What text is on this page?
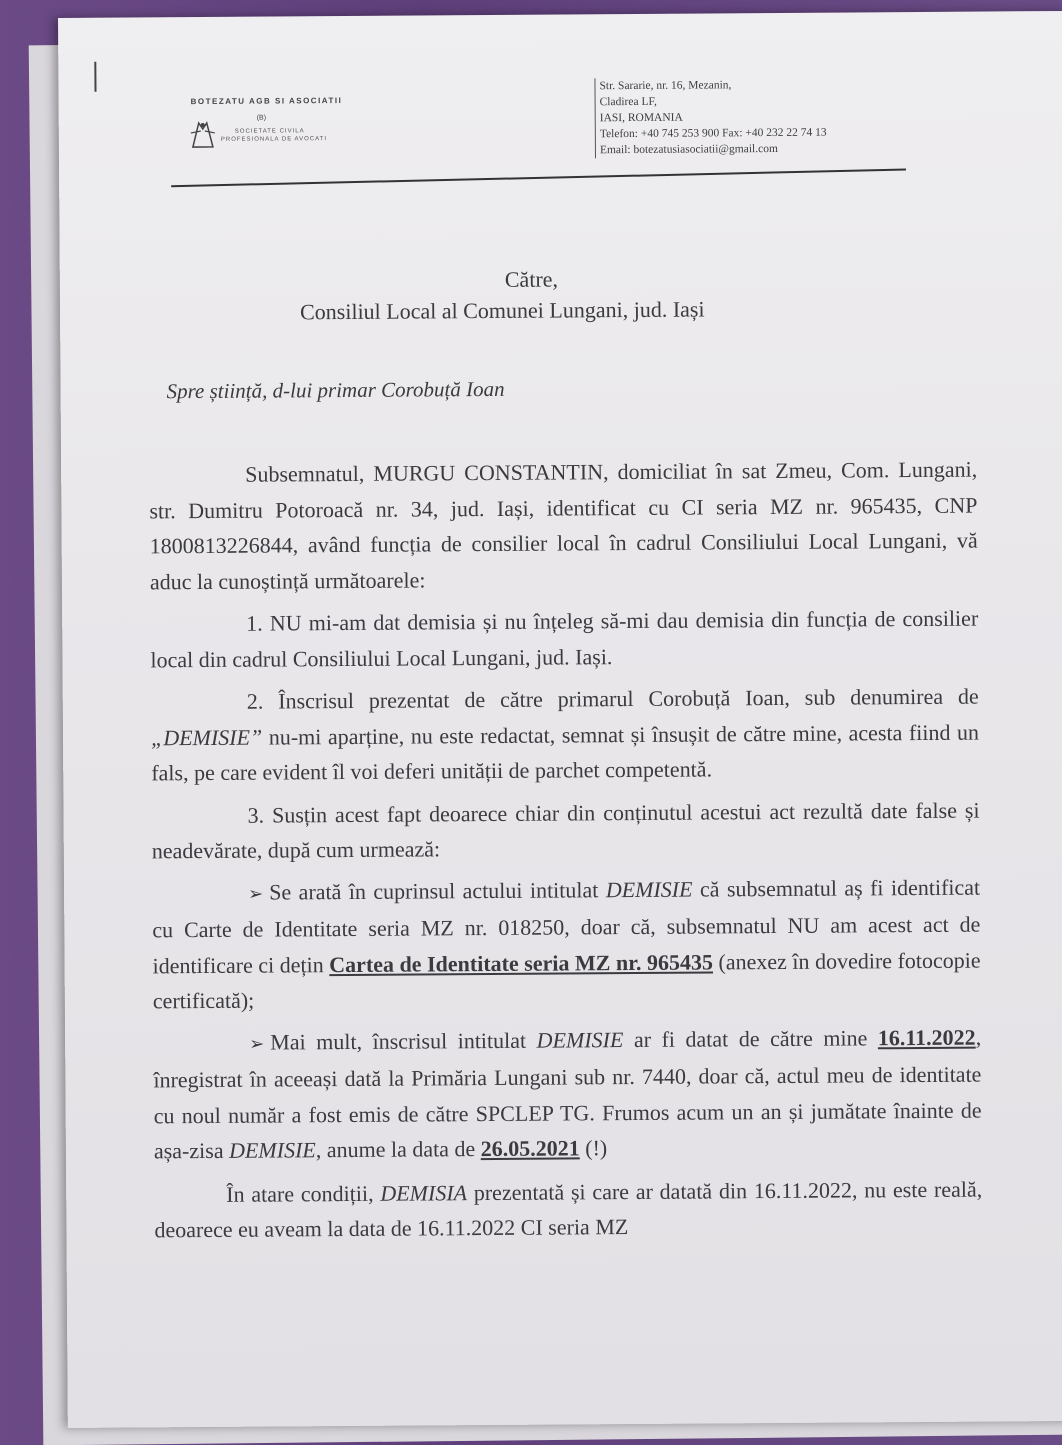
BOTEZATU AGB SI ASOCIATII
(B)
SOCIETATE CIVILA
PROFESIONALA DE AVOCATI
Str. Sararie, nr. 16, Mezanin,
Cladirea LF,
IASI, ROMANIA
Telefon: +40 745 253 900 Fax: +40 232 22 74 13
Email: botezatusiasociatii@gmail.com
Către,
Consiliul Local al Comunei Lungani, jud. Iași
Spre știință, d-lui primar Corobuță Ioan

Subsemnatul, MURGU CONSTANTIN, domiciliat în sat Zmeu, Com. Lungani, str. Dumitru Potoroacă nr. 34, jud. Iași, identificat cu CI seria MZ nr. 965435, CNP 1800813226844, având funcția de consilier local în cadrul Consiliului Local Lungani, vă aduc la cunoștință următoarele:

1. NU mi-am dat demisia și nu înțeleg să-mi dau demisia din funcția de consilier local din cadrul Consiliului Local Lungani, jud. Iași.

2. Înscrisul prezentat de către primarul Corobuță Ioan, sub denumirea de „DEMISIE” nu-mi aparține, nu este redactat, semnat și însușit de către mine, acesta fiind un fals, pe care evident îl voi deferi unității de parchet competentă.

3. Susțin acest fapt deoarece chiar din conținutul acestui act rezultă date false și neadevărate, după cum urmează:

➢ Se arată în cuprinsul actului intitulat DEMISIE că subsemnatul aș fi identificat cu Carte de Identitate seria MZ nr. 018250, doar că, subsemnatul NU am acest act de identificare ci dețin Cartea de Identitate seria MZ nr. 965435 (anexez în dovedire fotocopie certificată);

➢ Mai mult, înscrisul intitulat DEMISIE ar fi datat de către mine 16.11.2022, înregistrat în aceeași dată la Primăria Lungani sub nr. 7440, doar că, actul meu de identitate cu noul număr a fost emis de către SPCLEP TG. Frumos acum un an și jumătate înainte de așa-zisa DEMISIE, anume la data de 26.05.2021 (!)

În atare condiții, DEMISIA prezentată și care ar datată din 16.11.2022, nu este reală, deoarece eu aveam la data de 16.11.2022 CI seria MZ
